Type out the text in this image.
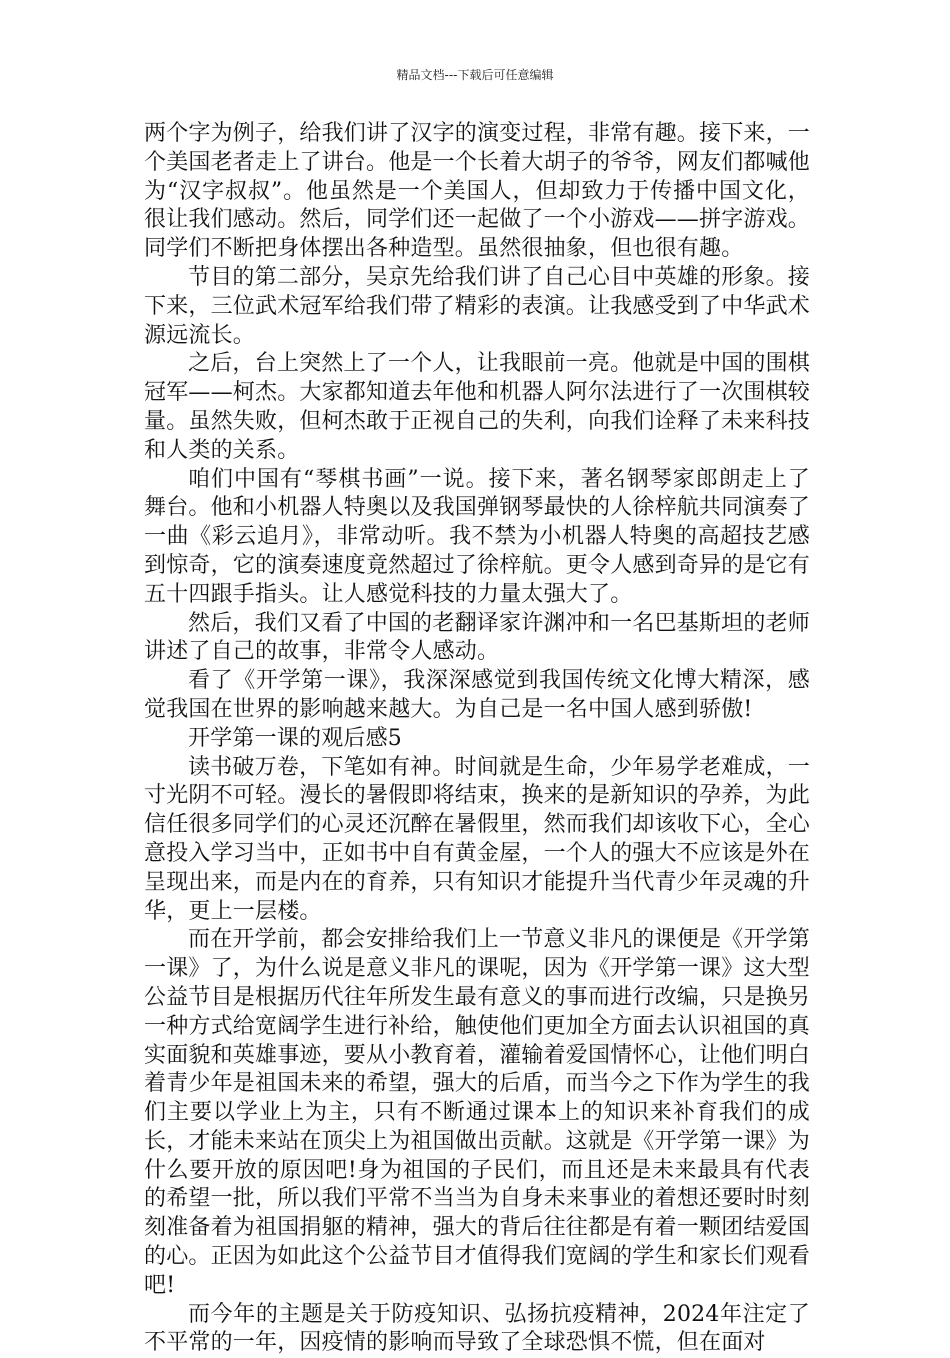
精品文档---下载后可任意编辑

两个字为例子，给我们讲了汉字的演变过程，非常有趣。接下来，一个美国老者走上了讲台。他是一个长着大胡子的爷爷，网友们都喊他为“汉字叔叔”。他虽然是一个美国人，但却致力于传播中国文化，很让我们感动。然后，同学们还一起做了一个小游戏——拼字游戏。同学们不断把身体摆出各种造型。虽然很抽象，但也很有趣。

节目的第二部分，吴京先给我们讲了自己心目中英雄的形象。接下来，三位武术冠军给我们带了精彩的表演。让我感受到了中华武术源远流长。

之后，台上突然上了一个人，让我眼前一亮。他就是中国的围棋冠军——柯杰。大家都知道去年他和机器人阿尔法进行了一次围棋较量。虽然失败，但柯杰敢于正视自己的失利，向我们诠释了未来科技和人类的关系。

咱们中国有“琴棋书画”一说。接下来，著名钢琴家郎朗走上了舞台。他和小机器人特奥以及我国弹钢琴最快的人徐梓航共同演奏了一曲《彩云追月》，非常动听。我不禁为小机器人特奥的高超技艺感到惊奇，它的演奏速度竟然超过了徐梓航。更令人感到奇异的是它有五十四跟手指头。让人感觉科技的力量太强大了。

然后，我们又看了中国的老翻译家许渊冲和一名巴基斯坦的老师讲述了自己的故事，非常令人感动。

看了《开学第一课》，我深深感觉到我国传统文化博大精深，感觉我国在世界的影响越来越大。为自己是一名中国人感到骄傲!

开学第一课的观后感5

读书破万卷，下笔如有神。时间就是生命，少年易学老难成，一寸光阴不可轻。漫长的暑假即将结束，换来的是新知识的孕养，为此信任很多同学们的心灵还沉醉在暑假里，然而我们却该收下心，全心意投入学习当中，正如书中自有黄金屋，一个人的强大不应该是外在呈现出来，而是内在的育养，只有知识才能提升当代青少年灵魂的升华，更上一层楼。

而在开学前，都会安排给我们上一节意义非凡的课便是《开学第一课》了，为什么说是意义非凡的课呢，因为《开学第一课》这大型公益节目是根据历代往年所发生最有意义的事而进行改编，只是换另一种方式给宽阔学生进行补给，触使他们更加全方面去认识祖国的真实面貌和英雄事迹，要从小教育着，灌输着爱国情怀心，让他们明白着青少年是祖国未来的希望，强大的后盾，而当今之下作为学生的我们主要以学业上为主，只有不断通过课本上的知识来补育我们的成长，才能未来站在顶尖上为祖国做出贡献。这就是《开学第一课》为什么要开放的原因吧!身为祖国的子民们，而且还是未来最具有代表的希望一批，所以我们平常不当当为自身未来事业的着想还要时时刻刻准备着为祖国捐躯的精神，强大的背后往往都是有着一颗团结爱国的心。正因为如此这个公益节目才值得我们宽阔的学生和家长们观看吧!

而今年的主题是关于防疫知识、弘扬抗疫精神，2024年注定了不平常的一年，因疫情的影响而导致了全球恐惧不慌，但在面对
